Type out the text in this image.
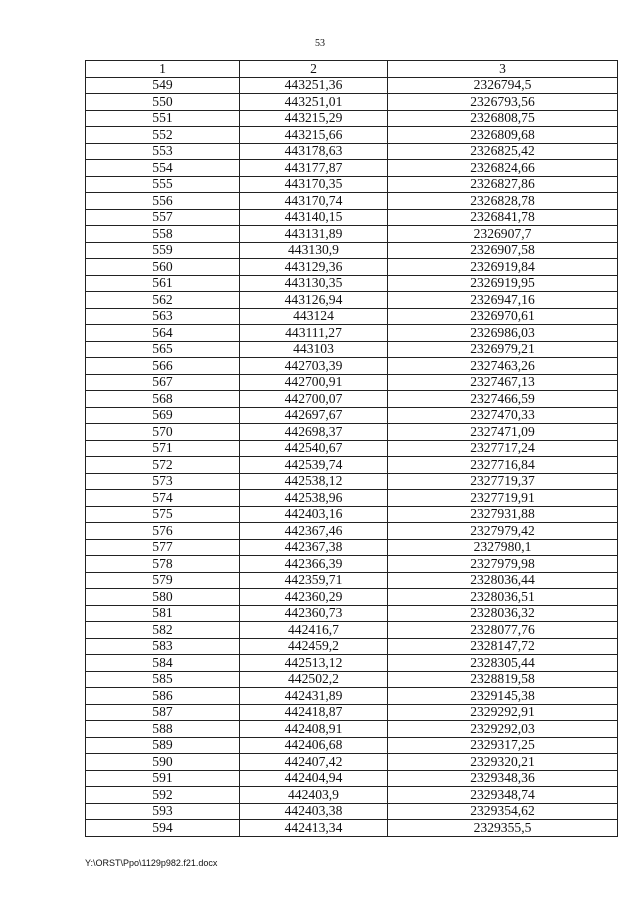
53
1	2	3
549	443251,36	2326794,5
550	443251,01	2326793,56
551	443215,29	2326808,75
552	443215,66	2326809,68
553	443178,63	2326825,42
554	443177,87	2326824,66
555	443170,35	2326827,86
556	443170,74	2326828,78
557	443140,15	2326841,78
558	443131,89	2326907,7
559	443130,9	2326907,58
560	443129,36	2326919,84
561	443130,35	2326919,95
562	443126,94	2326947,16
563	443124	2326970,61
564	443111,27	2326986,03
565	443103	2326979,21
566	442703,39	2327463,26
567	442700,91	2327467,13
568	442700,07	2327466,59
569	442697,67	2327470,33
570	442698,37	2327471,09
571	442540,67	2327717,24
572	442539,74	2327716,84
573	442538,12	2327719,37
574	442538,96	2327719,91
575	442403,16	2327931,88
576	442367,46	2327979,42
577	442367,38	2327980,1
578	442366,39	2327979,98
579	442359,71	2328036,44
580	442360,29	2328036,51
581	442360,73	2328036,32
582	442416,7	2328077,76
583	442459,2	2328147,72
584	442513,12	2328305,44
585	442502,2	2328819,58
586	442431,89	2329145,38
587	442418,87	2329292,91
588	442408,91	2329292,03
589	442406,68	2329317,25
590	442407,42	2329320,21
591	442404,94	2329348,36
592	442403,9	2329348,74
593	442403,38	2329354,62
594	442413,34	2329355,5
Y:\ORST\Ppo\1129p982.f21.docx
